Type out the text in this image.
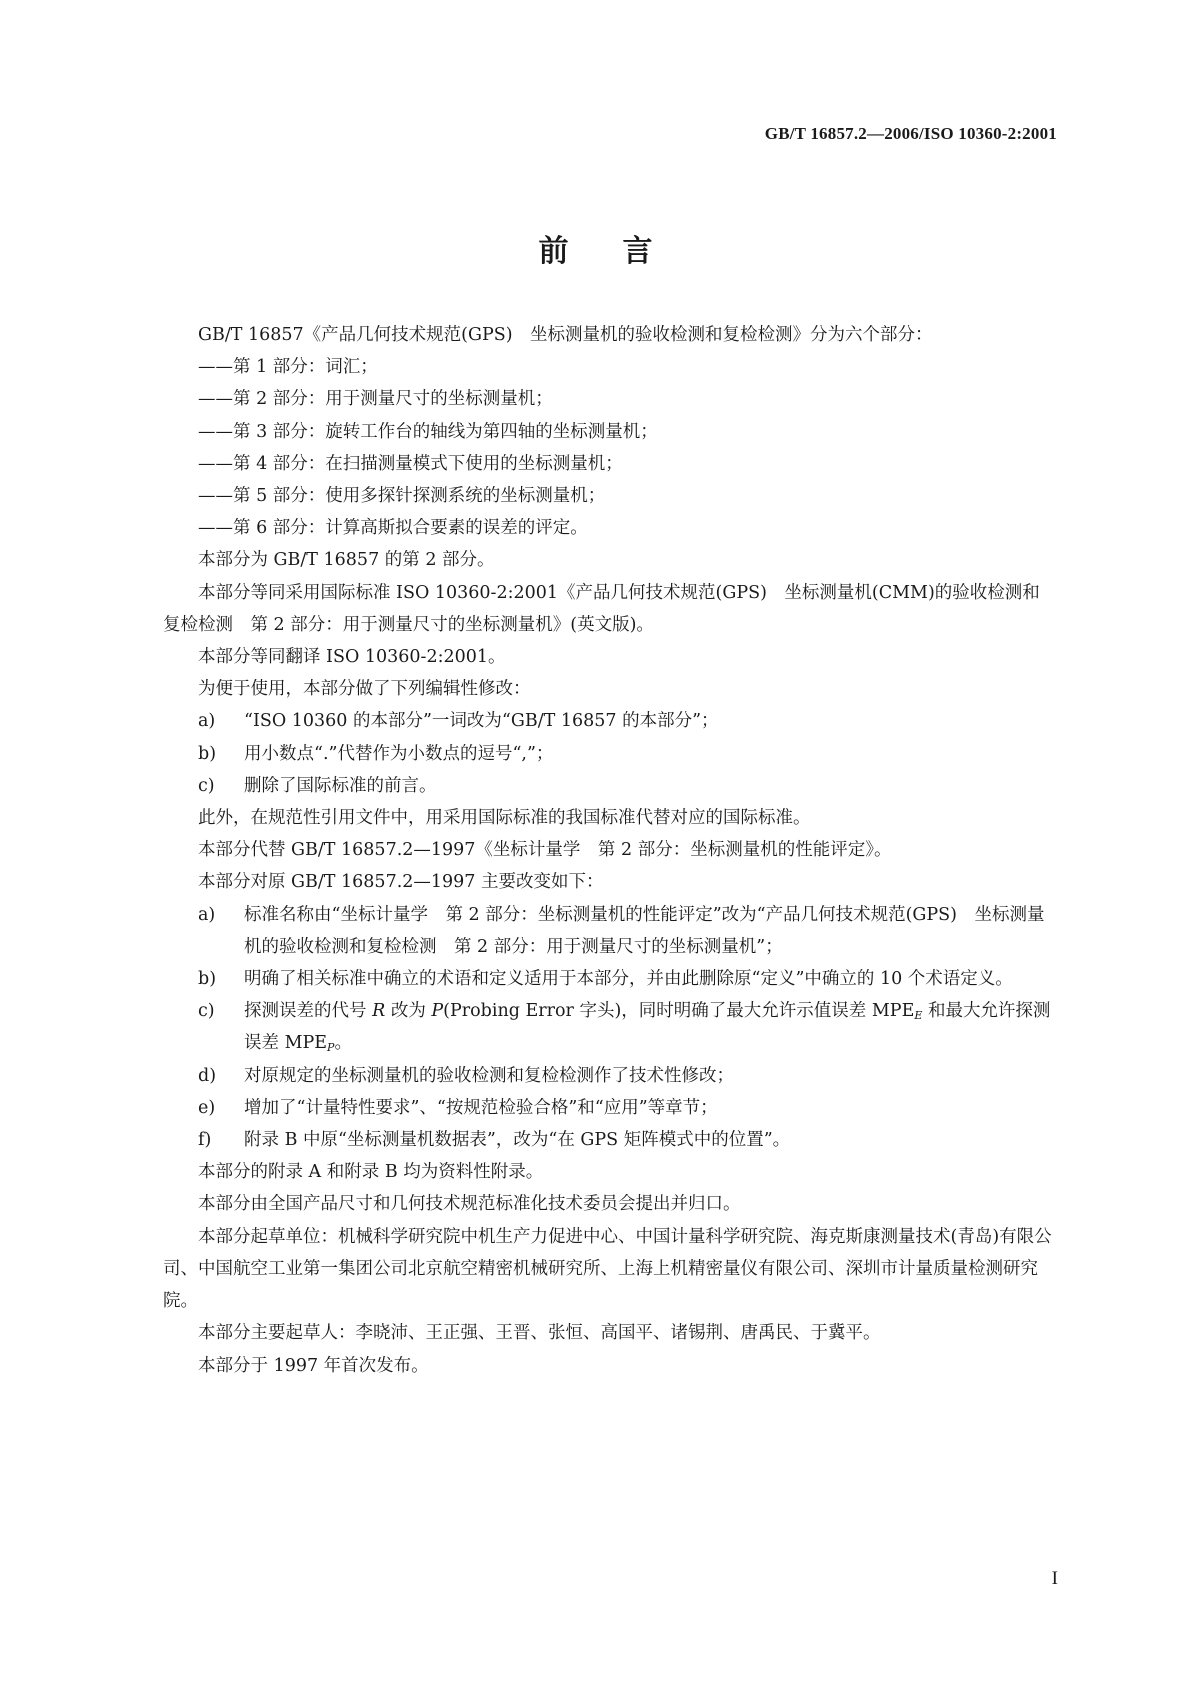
GB/T 16857.2—2006/ISO 10360-2:2001
前 言

GB/T 16857《产品几何技术规范(GPS)　坐标测量机的验收检测和复检检测》分为六个部分：

——第 1 部分：词汇；

——第 2 部分：用于测量尺寸的坐标测量机；

——第 3 部分：旋转工作台的轴线为第四轴的坐标测量机；

——第 4 部分：在扫描测量模式下使用的坐标测量机；

——第 5 部分：使用多探针探测系统的坐标测量机；

——第 6 部分：计算高斯拟合要素的误差的评定。

本部分为 GB/T 16857 的第 2 部分。

本部分等同采用国际标准 ISO 10360-2:2001《产品几何技术规范(GPS)　坐标测量机(CMM)的验收检测和复检检测　第 2 部分：用于测量尺寸的坐标测量机》(英文版)。

本部分等同翻译 ISO 10360-2:2001。

为便于使用，本部分做了下列编辑性修改：

a) “ISO 10360 的本部分”一词改为“GB/T 16857 的本部分”；

b) 用小数点“.”代替作为小数点的逗号“,”；

c) 删除了国际标准的前言。

此外，在规范性引用文件中，用采用国际标准的我国标准代替对应的国际标准。

本部分代替 GB/T 16857.2—1997《坐标计量学　第 2 部分：坐标测量机的性能评定》。

本部分对原 GB/T 16857.2—1997 主要改变如下：

a) 标准名称由“坐标计量学　第 2 部分：坐标测量机的性能评定”改为“产品几何技术规范(GPS)　坐标测量机的验收检测和复检检测　第 2 部分：用于测量尺寸的坐标测量机”；

b) 明确了相关标准中确立的术语和定义适用于本部分，并由此删除原“定义”中确立的 10 个术语定义。

c) 探测误差的代号 R 改为 P(Probing Error 字头)，同时明确了最大允许示值误差 $MPE_E$ 和最大允许探测误差 $MPE_P$。

d) 对原规定的坐标测量机的验收检测和复检检测作了技术性修改；

e) 增加了“计量特性要求”、“按规范检验合格”和“应用”等章节；

f) 附录 B 中原“坐标测量机数据表”，改为“在 GPS 矩阵模式中的位置”。

本部分的附录 A 和附录 B 均为资料性附录。

本部分由全国产品尺寸和几何技术规范标准化技术委员会提出并归口。

本部分起草单位：机械科学研究院中机生产力促进中心、中国计量科学研究院、海克斯康测量技术(青岛)有限公司、中国航空工业第一集团公司北京航空精密机械研究所、上海上机精密量仪有限公司、深圳市计量质量检测研究院。

本部分主要起草人：李晓沛、王正强、王晋、张恒、高国平、诸锡荆、唐禹民、于冀平。

本部分于 1997 年首次发布。

I
